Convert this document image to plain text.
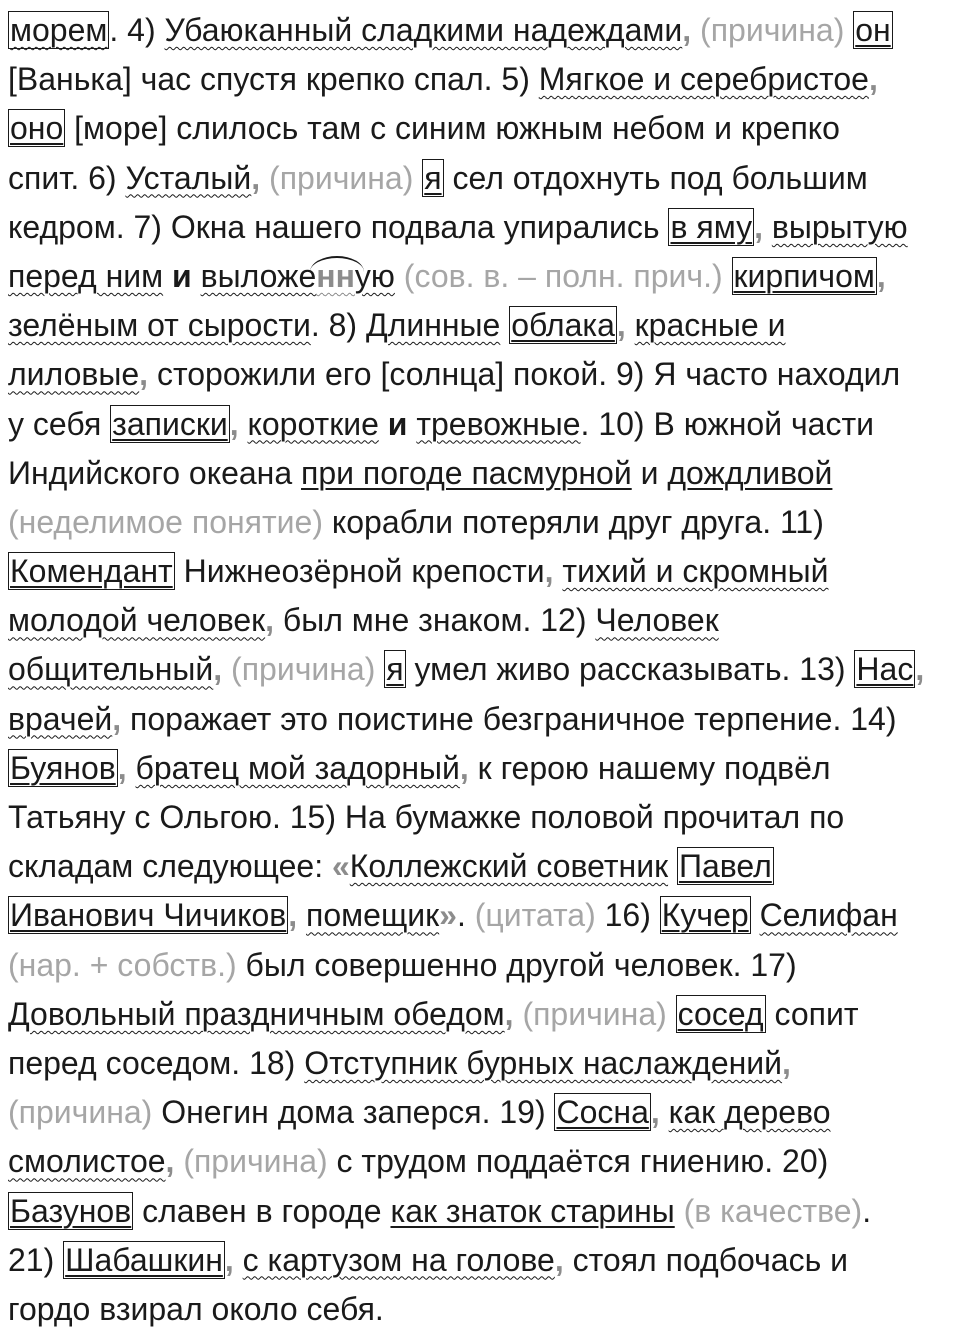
морем. 4) Убаюканный сладкими надеждами, (причина) он
[Ванька] час спустя крепко спал. 5) Мягкое и серебристое,
оно [море] слилось там с синим южным небом и крепко
спит. 6) Усталый, (причина) я сел отдохнуть под большим
кедром. 7) Окна нашего подвала упирались в яму, вырытую
перед ним и выложенн
ую (сов. в. – полн. прич.) кирпичом,
зелёным от сырости. 8) Длинные облака, красные и
лиловые, сторожили его [солнца] покой. 9) Я часто находил
у себя записки, короткие и тревожные. 10) В южной части
Индийского океана при погоде пасмурной и дождливой
(неделимое понятие) корабли потеряли друг друга. 11)
Комендант Нижнеозёрной крепости, тихий и скромный
молодой человек, был мне знаком. 12) Человек
общительный, (причина) я умел живо рассказывать. 13) Нас,
врачей, поражает это поистине безграничное терпение. 14)
Буянов, братец мой задорный, к герою нашему подвёл
Татьяну с Ольгою. 15) На бумажке половой прочитал по
складам следующее: «Коллежский советник Павел
Иванович Чичиков, помещик». (цитата) 16) Кучер Селифан
(нар. + собств.) был совершенно другой человек. 17)
Довольный праздничным обедом, (причина) сосед сопит
перед соседом. 18) Отступник бурных наслаждений,
(причина) Онегин дома заперся. 19) Сосна, как дерево
смолистое, (причина) с трудом поддаётся гниению. 20)
Базунов славен в городе как знаток старины (в качестве).
21) Шабашкин, с картузом на голове, стоял подбочась и
гордо взирал около себя.
